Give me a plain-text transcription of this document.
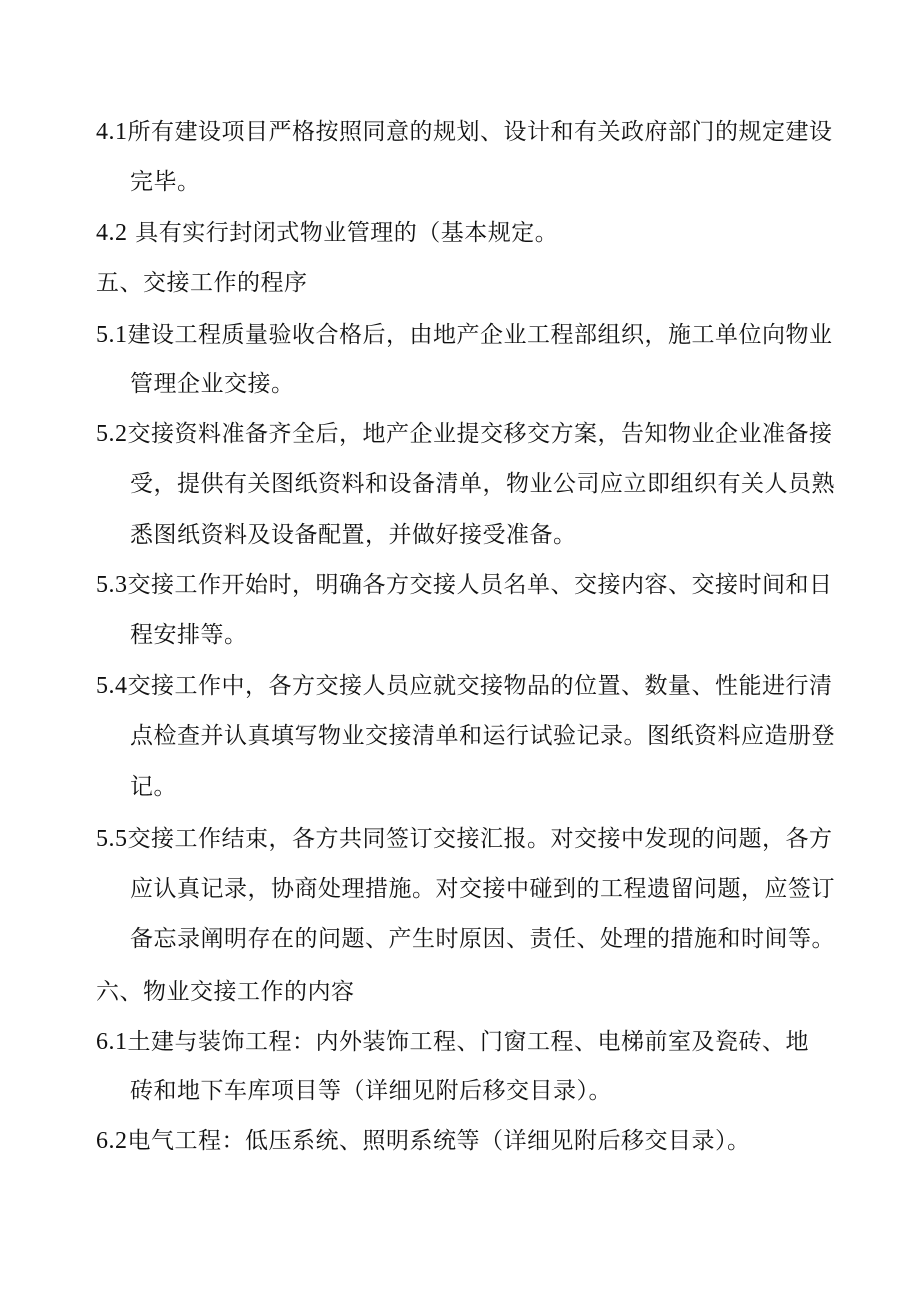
4.1所有建设项目严格按照同意的规划、设计和有关政府部门的规定建设
完毕。
4.2 具有实行封闭式物业管理的（基本规定。
五、交接工作的程序
5.1建设工程质量验收合格后，由地产企业工程部组织，施工单位向物业
管理企业交接。
5.2交接资料准备齐全后，地产企业提交移交方案，告知物业企业准备接
受，提供有关图纸资料和设备清单，物业公司应立即组织有关人员熟
悉图纸资料及设备配置，并做好接受准备。
5.3交接工作开始时，明确各方交接人员名单、交接内容、交接时间和日
程安排等。
5.4交接工作中，各方交接人员应就交接物品的位置、数量、性能进行清
点检查并认真填写物业交接清单和运行试验记录。图纸资料应造册登
记。
5.5交接工作结束，各方共同签订交接汇报。对交接中发现的问题，各方
应认真记录，协商处理措施。对交接中碰到的工程遗留问题，应签订
备忘录阐明存在的问题、产生时原因、责任、处理的措施和时间等。
六、物业交接工作的内容
6.1土建与装饰工程：内外装饰工程、门窗工程、电梯前室及瓷砖、地
砖和地下车库项目等（详细见附后移交目录）。
6.2电气工程：低压系统、照明系统等（详细见附后移交目录）。
